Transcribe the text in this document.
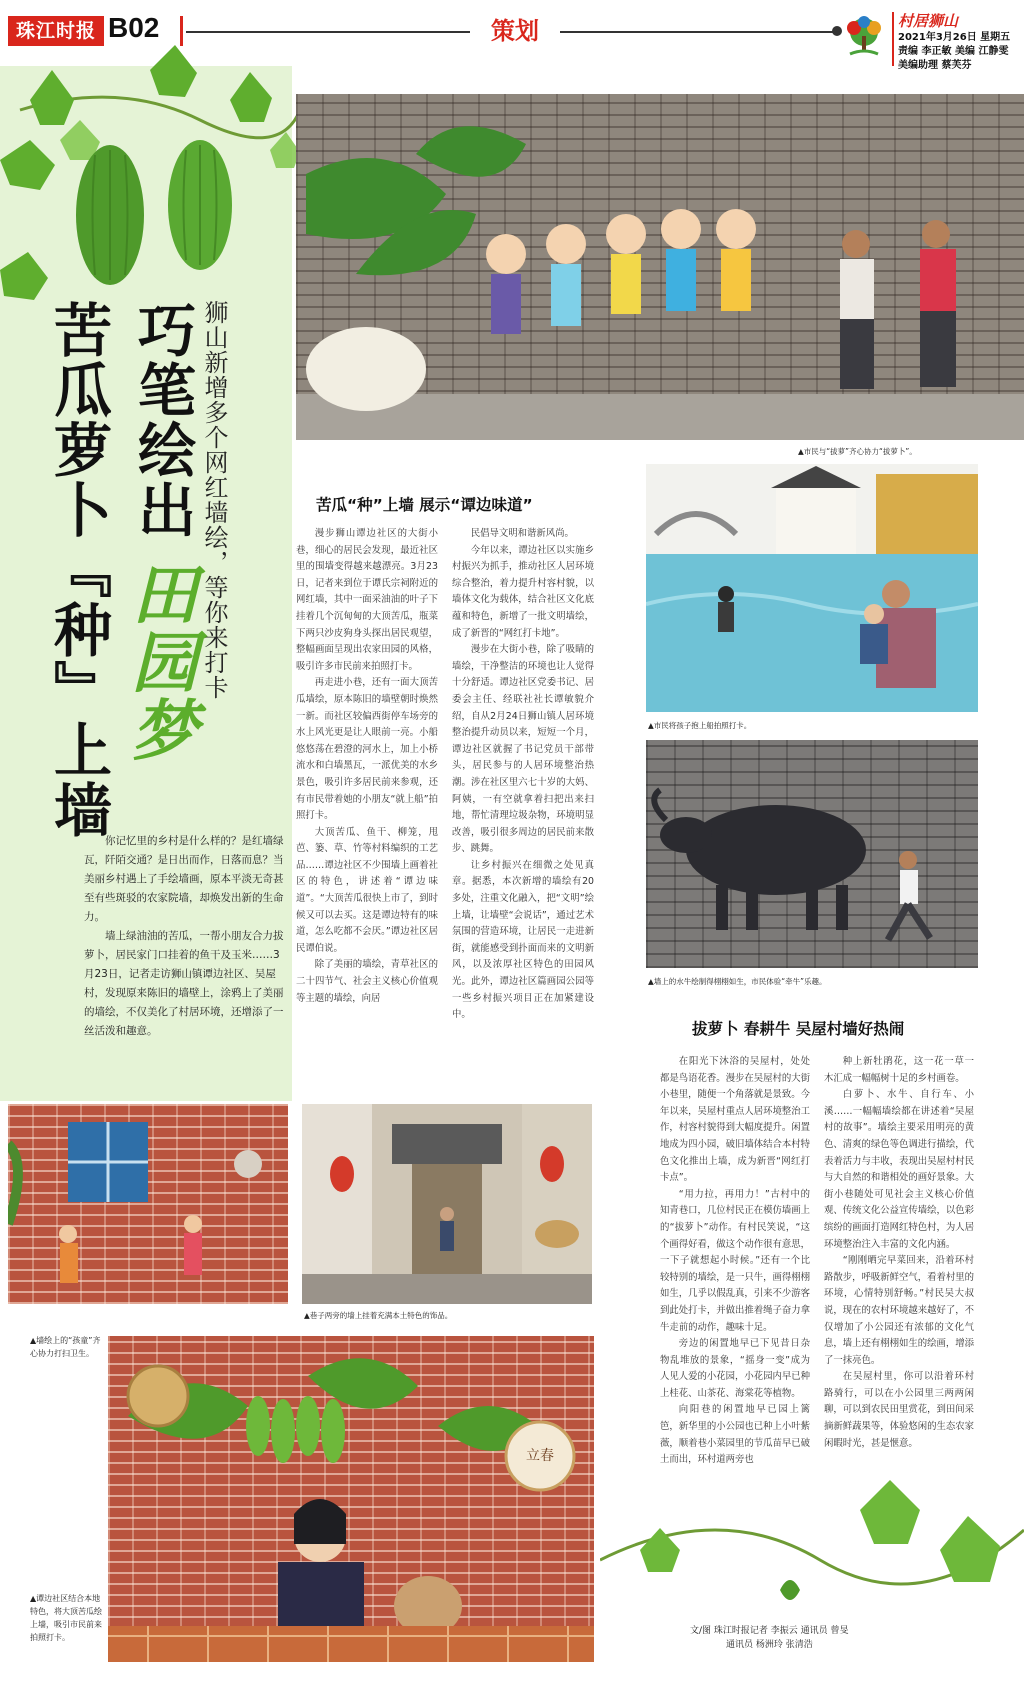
珠江时报 B02	策划	村居狮山
2021年3月26日 星期五
责编 李正敏 美编 江静雯
美编助理 蔡芙芬
苦瓜萝卜『种』上墙 巧笔绘出
田园梦 狮山新增多个网红墙绘，等你来打卡

你记忆里的乡村是什么样的？是红墙绿瓦，阡陌交通？是日出而作，日落而息？当美丽乡村遇上了手绘墙画，原本平淡无奇甚至有些斑驳的农家院墙，却焕发出新的生命力。

墙上绿油油的苦瓜，一帮小朋友合力拔萝卜，居民家门口挂着的鱼干及玉米……3月23日，记者走访狮山镇谭边社区、吴屋村，发现原来陈旧的墙壁上，涂鸦上了美丽的墙绘，不仅美化了村居环境，还增添了一丝活泼和趣意。

▲市民与“拔萝”齐心协力“拔萝卜”。
苦瓜“种”上墙 展示“谭边味道”

漫步狮山谭边社区的大街小巷，细心的居民会发现，最近社区里的围墙变得越来越漂亮。3月23日，记者来到位于谭氏宗祠附近的网红墙，其中一面采油油的叶子下挂着几个沉甸甸的大顶苦瓜，瓶菜下两只沙皮狗身头探出居民观望，整幅画面呈现出农家田园的风格，吸引许多市民前来拍照打卡。

再走进小巷，还有一面大顶苦瓜墙绘，原本陈旧的墙壁朝时焕然一新。而社区较偏西街停车场旁的水上风光更是让人眼前一亮。小船悠悠荡在碧澄的河水上，加上小桥流水和白墙黑瓦，一派优美的水乡景色，吸引许多居民前来参观，还有市民带着她的小朋友“就上船”拍照打卡。

大顶苦瓜、鱼干、柳笼，甩芭、篓、草、竹等村料编织的工艺品……谭边社区不少围墙上画着社区的特色，讲述着“谭边味道”。“大顶苦瓜很快上市了，到时候又可以去买。这是谭边特有的味道，怎么吃都不会厌。”谭边社区居民谭伯说。

除了美丽的墙绘，青草社区的二十四节气、社会主义核心价值观等主题的墙绘，向居

民倡导文明和谐新风尚。

今年以来，谭边社区以实施乡村振兴为抓手，推动社区人居环境综合整治，着力提升村容村貌，以墙体文化为载体，结合社区文化底蕴和特色，新增了一批文明墙绘，成了新晋的“网红打卡地”。

漫步在大街小巷，除了吸睛的墙绘，干净整洁的环境也让人觉得十分舒适。谭边社区党委书记、居委会主任、经联社社长谭敏貌介绍，自从2月24日狮山镇人居环境整治提升动员以来，短短一个月，谭边社区就握了书记党员干部带头，居民参与的人居环境整治热潮。涉在社区里六七十岁的大妈、阿姨，一有空就拿着扫把出来扫地，帮忙清理垃圾杂物，环境明显改善，吸引很多周边的居民前来散步、跳舞。

让乡村振兴在细微之处见真章。据悉，本次新增的墙绘有20多处，注重文化融入，把“文明”绘上墙，让墙壁“会说话”，通过艺术氛围的营造环境，让居民一走进新街，就能感受到扑面而来的文明新风，以及浓厚社区特色的田园风光。此外，谭边社区篇画园公园等一些乡村振兴项目正在加紧建设中。

▲市民将孩子抱上船拍照打卡。
▲墙上的水牛绘制得栩栩如生，市民体验“牵牛”乐趣。
拔萝卜 春耕牛 吴屋村墙好热闹

在阳光下沐浴的吴屋村，处处都是鸟语花香。漫步在吴屋村的大街小巷里，随便一个角落就是景致。今年以来，吴屋村重点人居环境整治工作，村容村貌得到大幅度提升。闲置地成为四小园，破旧墙体结合本村特色文化推出上墙，成为新晋“网红打卡点”。

“用力拉，再用力！”古村中的知青巷口，几位村民正在模仿墙画上的“拔萝卜”动作。有村民笑说，“这个画得好看，做这个动作很有意思，一下子就想起小时候。”还有一个比较特别的墙绘，是一只牛，画得栩栩如生，几乎以假乱真，引来不少游客到此处打卡，并做出推着绳子奋力拿牛走前的动作，趣味十足。

旁边的闲置地早已下见昔日杂物乱堆放的景象，“摇身一变”成为人见人爱的小花园，小花园内早已种上桂花、山茶花、海棠花等植物。

向阳巷的闲置地早已园上篱笆，新华里的小公园也已种上小叶紫薇，顺着巷小菜园里的节瓜苗早已破土而出，环村道两旁也

种上新牡鹃花，这一花一草一木汇成一幅幅树十足的乡村画卷。

白萝卜、水牛、自行车、小溪……一幅幅墙绘都在讲述着“吴屋村的故事”。墙绘主要采用明亮的黄色、清爽的绿色等色调进行描绘，代表着活力与丰收，表现出吴屋村村民与大自然的和谐相处的画好景象。大街小巷随处可见社会主义核心价值观、传统文化公益宣传墙绘，以色彩缤纷的画面打造网红特色村，为人居环境整治注入丰富的文化内涵。

“刚刚晒完早菜回来，沿着环村路散步，呼吸新鲜空气，看着村里的环境，心情特别舒畅。”村民吴大叔说，现在的农村环境越来越好了，不仅增加了小公园还有浓郁的文化气息，墙上还有栩栩如生的绘画，增添了一抹亮色。

在吴屋村里，你可以沿着环村路骑行，可以在小公园里三两两闲聊，可以到农民田里赏花，到田间采摘新鲜蔬果等，体验悠闲的生态农家闲暇时光，甚是惬意。

▲巷子两旁的墙上挂着充满本土特色的饰品。
▲墙绘上的“孩童”齐心协力打扫卫生。
立春
▲谭边社区结合本地特色，将大顶苦瓜绘上墙，吸引市民前来拍照打卡。
文/图 珠江时报记者 李振云 通讯员 曾旻
通讯员 杨洲玲 张清浩
